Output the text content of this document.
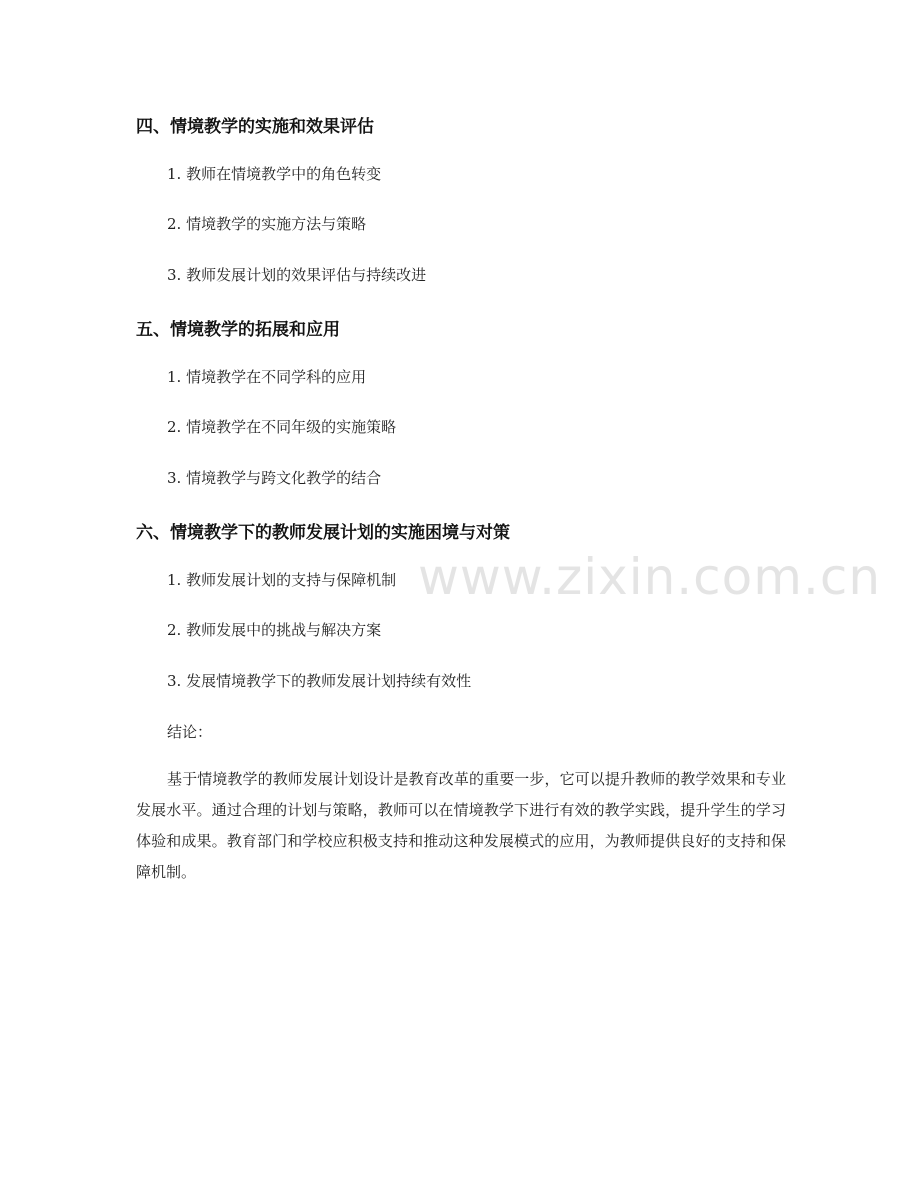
四、情境教学的实施和效果评估
1. 教师在情境教学中的角色转变
2. 情境教学的实施方法与策略
3. 教师发展计划的效果评估与持续改进
五、情境教学的拓展和应用
1. 情境教学在不同学科的应用
2. 情境教学在不同年级的实施策略
3. 情境教学与跨文化教学的结合
六、情境教学下的教师发展计划的实施困境与对策
1. 教师发展计划的支持与保障机制
2. 教师发展中的挑战与解决方案
3. 发展情境教学下的教师发展计划持续有效性
结论：

基于情境教学的教师发展计划设计是教育改革的重要一步，它可以提升教师的教学效果和专业发展水平。通过合理的计划与策略，教师可以在情境教学下进行有效的教学实践，提升学生的学习体验和成果。教育部门和学校应积极支持和推动这种发展模式的应用，为教师提供良好的支持和保障机制。

www.zixin.com.cn
